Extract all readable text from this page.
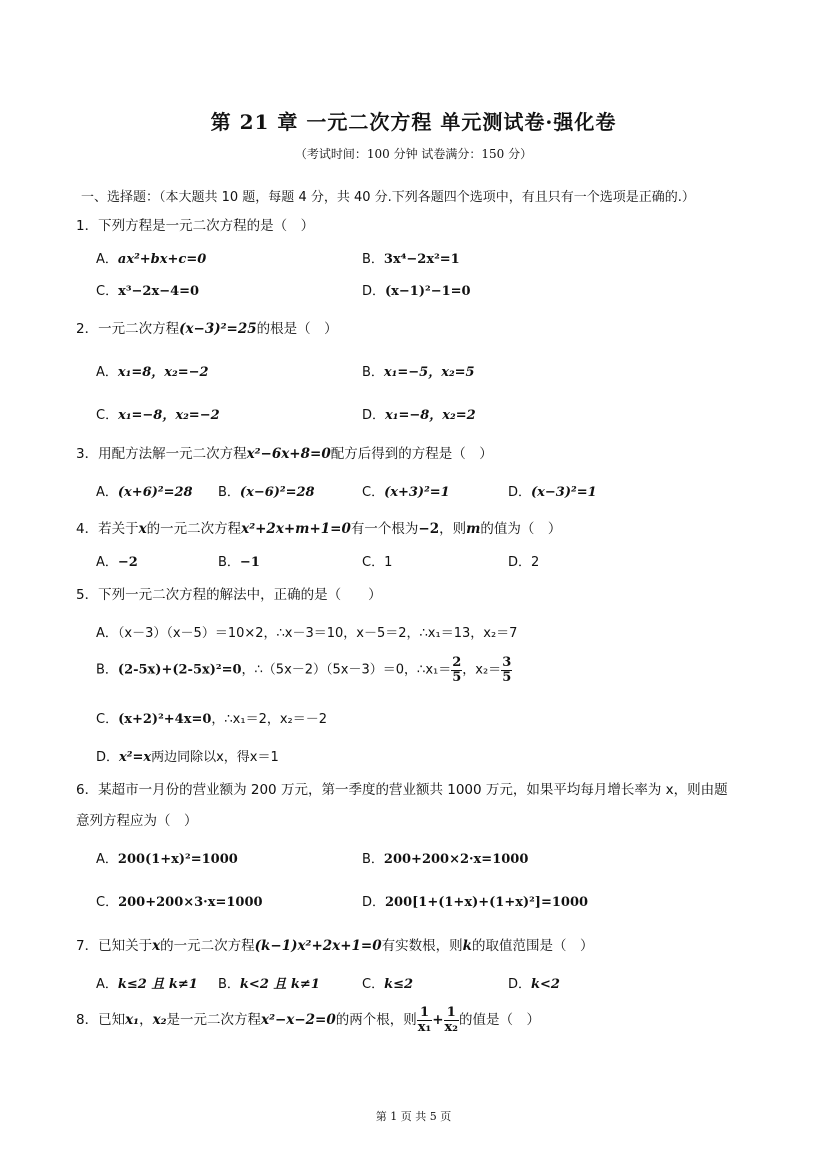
第 21 章 一元二次方程 单元测试卷·强化卷
（考试时间：100 分钟 试卷满分：150 分）
一、选择题：（本大题共 10 题，每题 4 分，共 40 分.下列各题四个选项中，有且只有一个选项是正确的.）
1．下列方程是一元二次方程的是（　）
A．ax²+bx+c=0	B．3x⁴−2x²=1
C．x³−2x−4=0	D．(x−1)²−1=0
2．一元二次方程(x−3)²=25的根是（　）
A．x₁=8，x₂=−2	B．x₁=−5，x₂=5
C．x₁=−8，x₂=−2	D．x₁=−8，x₂=2
3．用配方法解一元二次方程x²−6x+8=0配方后得到的方程是（　）
A．(x+6)²=28 B．(x−6)²=28	C．(x+3)²=1	D．(x−3)²=1
4．若关于x的一元二次方程x²+2x+m+1=0有一个根为−2，则m的值为（　）
A．−2	B．−1	C．1	D．2
5．下列一元二次方程的解法中，正确的是（　　）
A．（x－3）（x－5）＝10×2，∴x－3＝10，x－5＝2，∴x₁＝13，x₂＝7
B．(2-5x)+(2-5x)²=0，∴（5x－2）（5x－3）＝0，∴x₁＝ $\frac{2}{5}$ ，$x_2= \frac{3}{5}$
C．(x+2)²+4x=0，∴x₁＝2，x₂＝－2
D．x²=x两边同除以x，得x＝1
6．某超市一月份的营业额为 200 万元，第一季度的营业额共 1000 万元，如果平均每月增长率为 x，则由题
意列方程应为（　）
A．200(1+x)²=1000	B．200+200×2·x=1000
C．200+200×3·x=1000	D．200[1+(1+x)+(1+x)²]=1000
7．已知关于x的一元二次方程(k−1)x²+2x+1=0有实数根，则k的取值范围是（　）
A．k≤2 且 k≠1 B．k<2 且 k≠1	C．k≤2	D．k<2
8．已知x₁，x₂是一元二次方程x²−x−2=0的两个根，则 $\frac{1}{\text{x₁}} + \frac{1}{\text{x₂}}$ 的值是（　）
第 1 页 共 5 页
